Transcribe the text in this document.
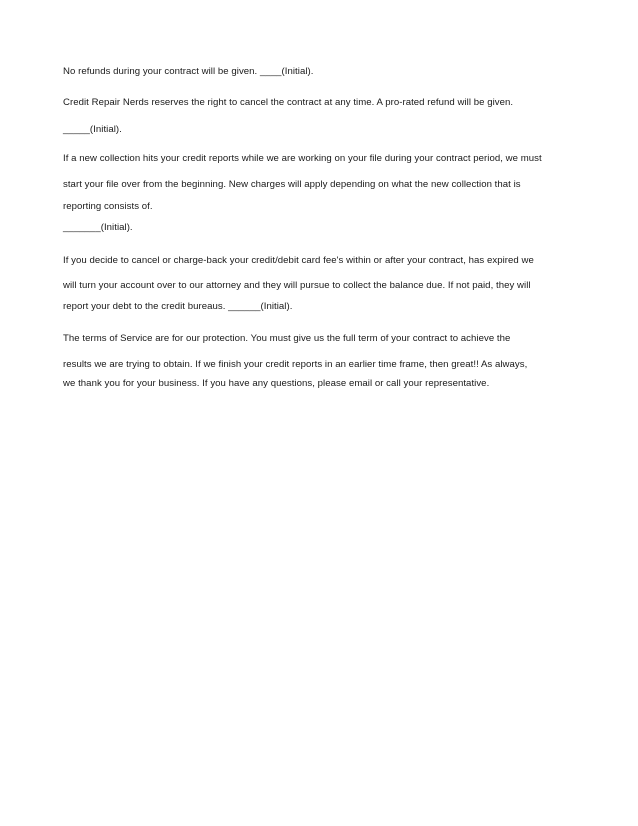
No refunds during your contract will be given. ____(Initial).
Credit Repair Nerds reserves the right to cancel the contract at any time. A pro-rated refund will be given.
_____(Initial).
If a new collection hits your credit reports while we are working on your file during your contract period, we must
start your file over from the beginning. New charges will apply depending on what the new collection that is
reporting consists of.
_______(Initial).
If you decide to cancel or charge-back your credit/debit card fee's within or after your contract, has expired we
will turn your account over to our attorney and they will pursue to collect the balance due. If not paid, they will
report your debt to the credit bureaus. ______(Initial).
The terms of Service are for our protection. You must give us the full term of your contract to achieve the
results we are trying to obtain. If we finish your credit reports in an earlier time frame, then great!! As always,
we thank you for your business. If you have any questions, please email or call your representative.
